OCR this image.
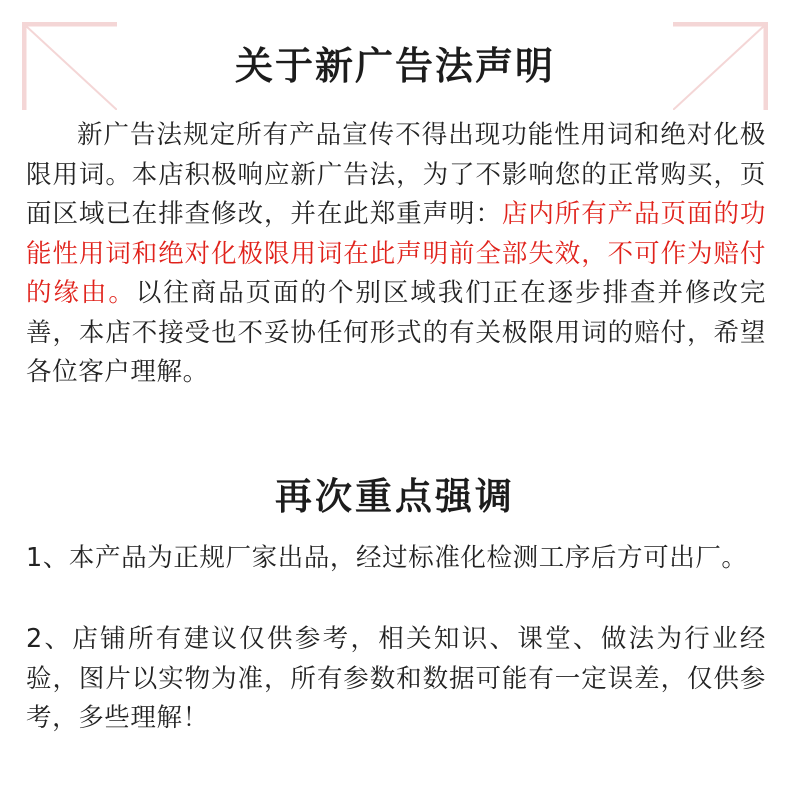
关于新广告法声明

新广告法规定所有产品宣传不得出现功能性用词和绝对化极限用词。本店积极响应新广告法，为了不影响您的正常购买，页面区域已在排查修改，并在此郑重声明：店内所有产品页面的功能性用词和绝对化极限用词在此声明前全部失效，不可作为赔付的缘由。以往商品页面的个别区域我们正在逐步排查并修改完善，本店不接受也不妥协任何形式的有关极限用词的赔付，希望各位客户理解。

再次重点强调

1、本产品为正规厂家出品，经过标准化检测工序后方可出厂。

2、店铺所有建议仅供参考，相关知识、课堂、做法为行业经验，图片以实物为准，所有参数和数据可能有一定误差，仅供参考，多些理解！
